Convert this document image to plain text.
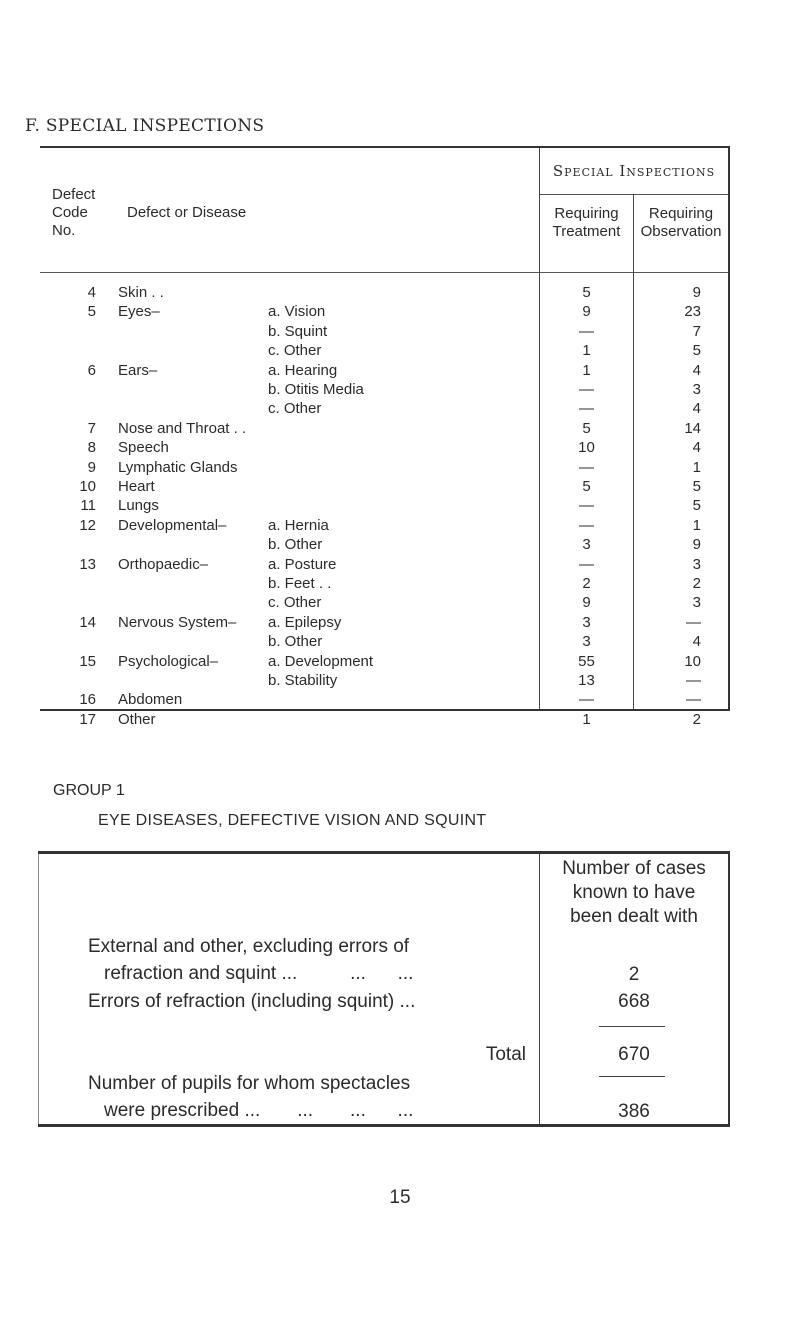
F. SPECIAL INSPECTIONS
Defect
Code	Defect or Disease
No.
Special Inspections
Requiring
Treatment
Requiring
Observation
4 Skin . .	5	9
5 Eyes–	a. Vision	9	23
b. Squint	—	7
c. Other	1	5
6 Ears–	a. Hearing	1	4
b. Otitis Media	—	3
c. Other	—	4
7 Nose and Throat . .	5	14
8 Speech	10	4
9 Lymphatic Glands	—	1
10 Heart	5	5
11 Lungs	—	5
12 Developmental–	a. Hernia	—	1
b. Other	3	9
13 Orthopaedic–	a. Posture	—	3
b. Feet . .	2	2
c. Other	9	3
14 Nervous System– a. Epilepsy	3	—
b. Other	3	4
15 Psychological–	a. Development	55	10
b. Stability	13	—
16 Abdomen	—	—
17 Other	1	2
GROUP 1
EYE DISEASES, DEFECTIVE VISION AND SQUINT
Number of cases
known to have
been dealt with
External and other, excluding errors of
refraction and squint ...          ...      ...	2
Errors of refraction (including squint) ...	668
Total	670
Number of pupils for whom spectacles
were prescribed ...       ...       ...      ...	386
15
